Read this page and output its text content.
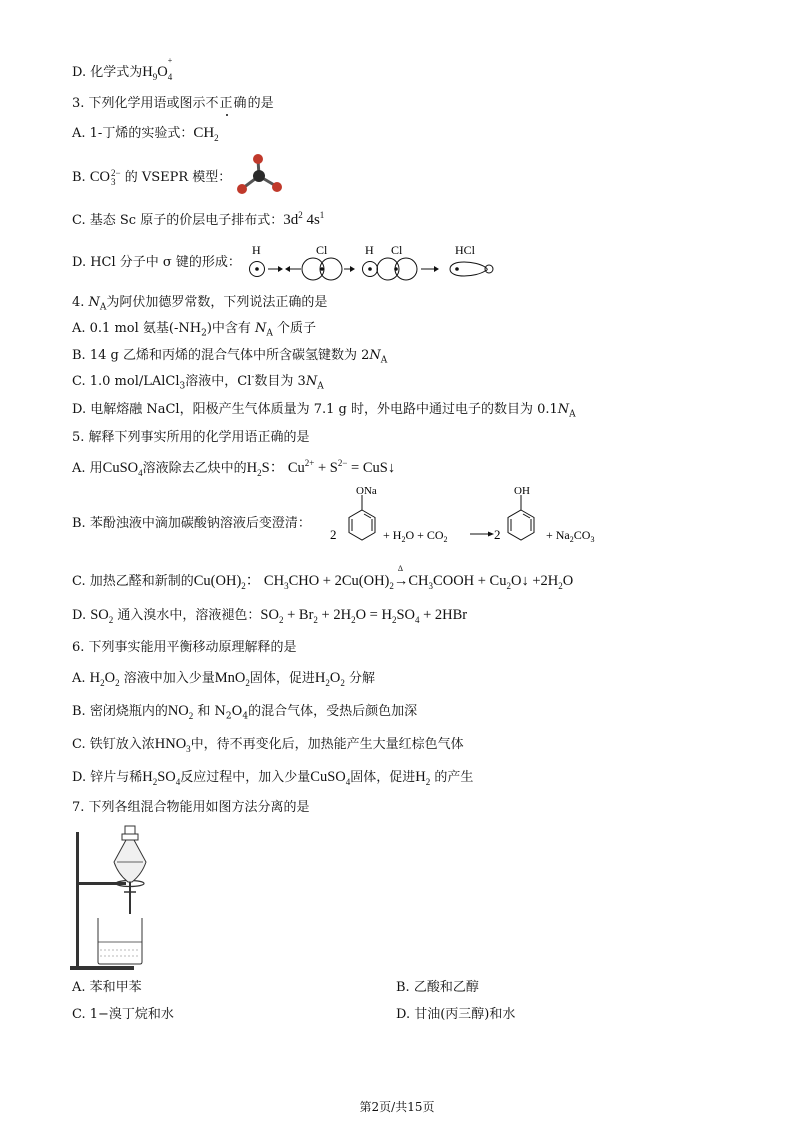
D. 化学式为$H_9O$
$_{+ 4}$
3. 下列化学用语或图示不正确的是
A. 1-丁烯的实验式：$CH_2$
B. CO 2−
3 的 VSEPR 模型：
C. 基态 Sc 原子的价层电子排布式：$3d^2$ $4s^1$
D. HCl 分子中 σ 键的形成：
H	Cl	H Cl	HCl
4. $N_A$为阿伏加德罗常数，下列说法正确的是
A. 0.1 mol 氨基$(-NH_2)$中含有 $N_A$ 个质子
B. 14 g 乙烯和丙烯的混合气体中所含碳氢键数为 $2N_A$
C. 1.0 mol/LAlCl$_3$溶液中，Cl-数目为 $3N_A$
D. 电解熔融 NaCl，阳极产生气体质量为 7.1 g 时，外电路中通过电子的数目为 $0.1N_A$
5. 解释下列事实所用的化学用语正确的是
A. 用CuSO$_4$溶液除去乙炔中的$H_2S$： $Cu^{2+} + S^{2-}$ = CuS↓
B. 苯酚浊液中滴加碳酸钠溶液后变澄清：
2
ONa
+ $H_2O + CO_2$	2
OH
+ $Na_2CO_3$
C. 加热乙醛和新制的$Cu(OH)_2$： $CH_3CHO + 2Cu(OH)_2\to$
Δ
$CH_3COOH$ + $Cu_2O↓ +2H_2O$
D. $SO_2$ 通入溴水中，溶液褪色：$SO_2 + Br_2 + 2H_2O = H_2SO_4 + 2HBr$
6. 下列事实能用平衡移动原理解释的是
A. $H_2O_2$ 溶液中加入少量MnO$_2$固体，促进$H_2O_2$ 分解
B. 密闭烧瓶内的$NO_2$ 和 $N_2O_4$的混合气体，受热后颜色加深
C. 铁钉放入浓$HNO_3$中，待不再变化后，加热能产生大量红棕色气体
D. 锌片与稀$H_2SO_4$反应过程中，加入少量CuSO$_4$固体，促进$H_2$ 的产生
7. 下列各组混合物能用如图方法分离的是
A. 苯和甲苯	B. 乙酸和乙醇
C. 1−溴丁烷和水	D. 甘油(丙三醇)和水
第2页/共15页
